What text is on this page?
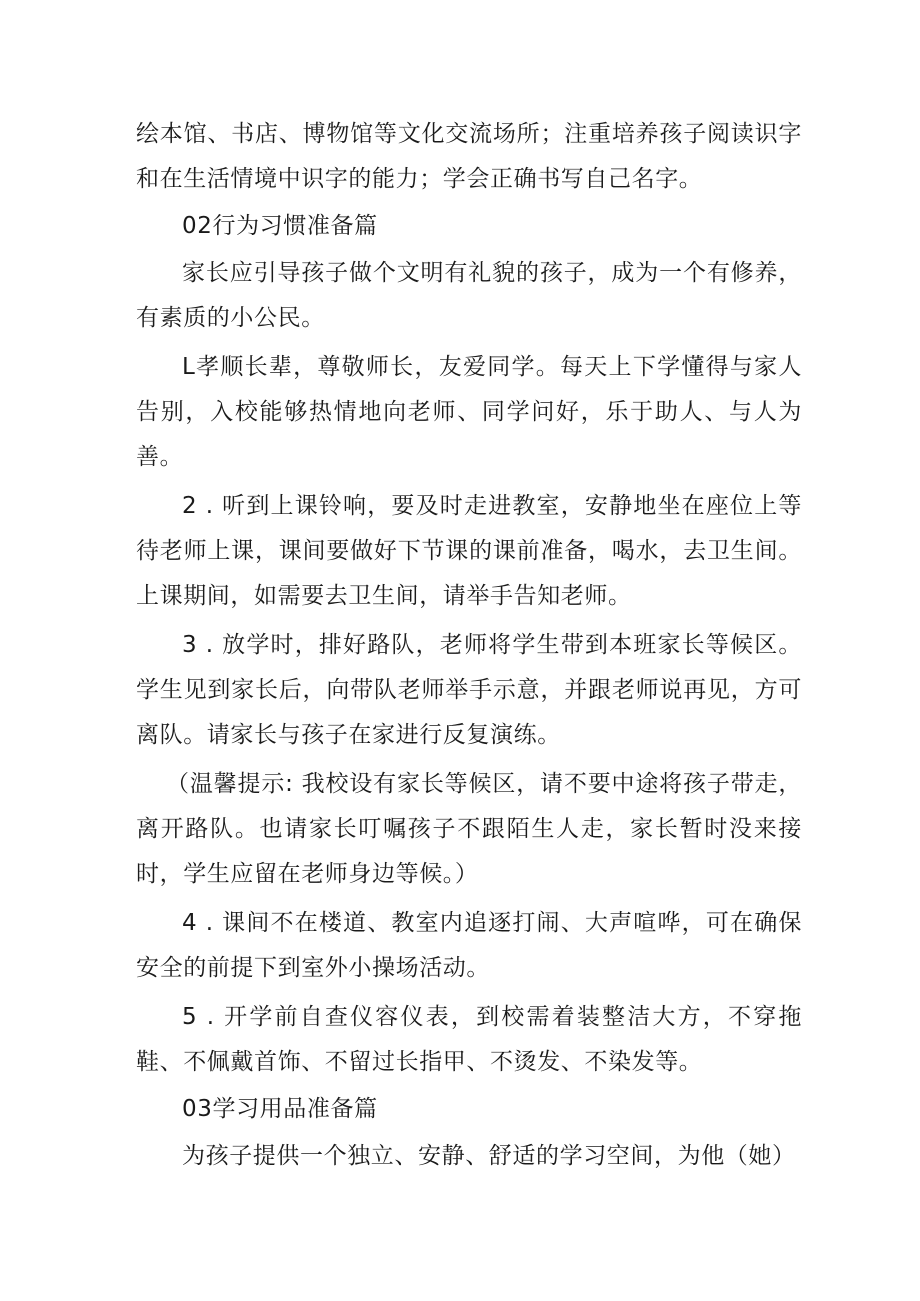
绘本馆、书店、博物馆等文化交流场所；注重培养孩子阅读识字和在生活情境中识字的能力；学会正确书写自己名字。

02行为习惯准备篇

家长应引导孩子做个文明有礼貌的孩子，成为一个有修养，有素质的小公民。

L孝顺长辈，尊敬师长，友爱同学。每天上下学懂得与家人告别，入校能够热情地向老师、同学问好，乐于助人、与人为善。

2 . 听到上课铃响，要及时走进教室，安静地坐在座位上等待老师上课，课间要做好下节课的课前准备，喝水，去卫生间。上课期间，如需要去卫生间，请举手告知老师。

3 . 放学时，排好路队，老师将学生带到本班家长等候区。学生见到家长后，向带队老师举手示意，并跟老师说再见，方可离队。请家长与孩子在家进行反复演练。

（温馨提示: 我校设有家长等候区，请不要中途将孩子带走，离开路队。也请家长叮嘱孩子不跟陌生人走，家长暂时没来接时，学生应留在老师身边等候。）

4 . 课间不在楼道、教室内追逐打闹、大声喧哗，可在确保安全的前提下到室外小操场活动。

5 . 开学前自查仪容仪表，到校需着装整洁大方，不穿拖鞋、不佩戴首饰、不留过长指甲、不烫发、不染发等。

03学习用品准备篇

为孩子提供一个独立、安静、舒适的学习空间，为他（她）
